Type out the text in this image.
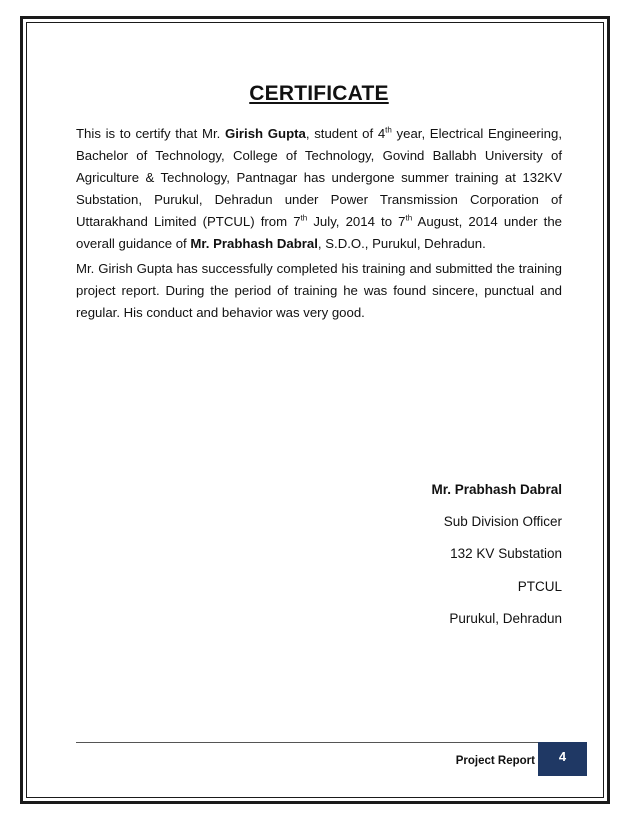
CERTIFICATE
This is to certify that Mr. Girish Gupta, student of 4th year, Electrical Engineering, Bachelor of Technology, College of Technology, Govind Ballabh University of Agriculture & Technology, Pantnagar has undergone summer training at 132KV Substation, Purukul, Dehradun under Power Transmission Corporation of Uttarakhand Limited (PTCUL) from 7th July, 2014 to 7th August, 2014 under the overall guidance of Mr. Prabhash Dabral, S.D.O., Purukul, Dehradun.
Mr. Girish Gupta has successfully completed his training and submitted the training project report. During the period of training he was found sincere, punctual and regular. His conduct and behavior was very good.
Mr. Prabhash Dabral
Sub Division Officer
132 KV Substation
PTCUL
Purukul, Dehradun
Project Report 4
